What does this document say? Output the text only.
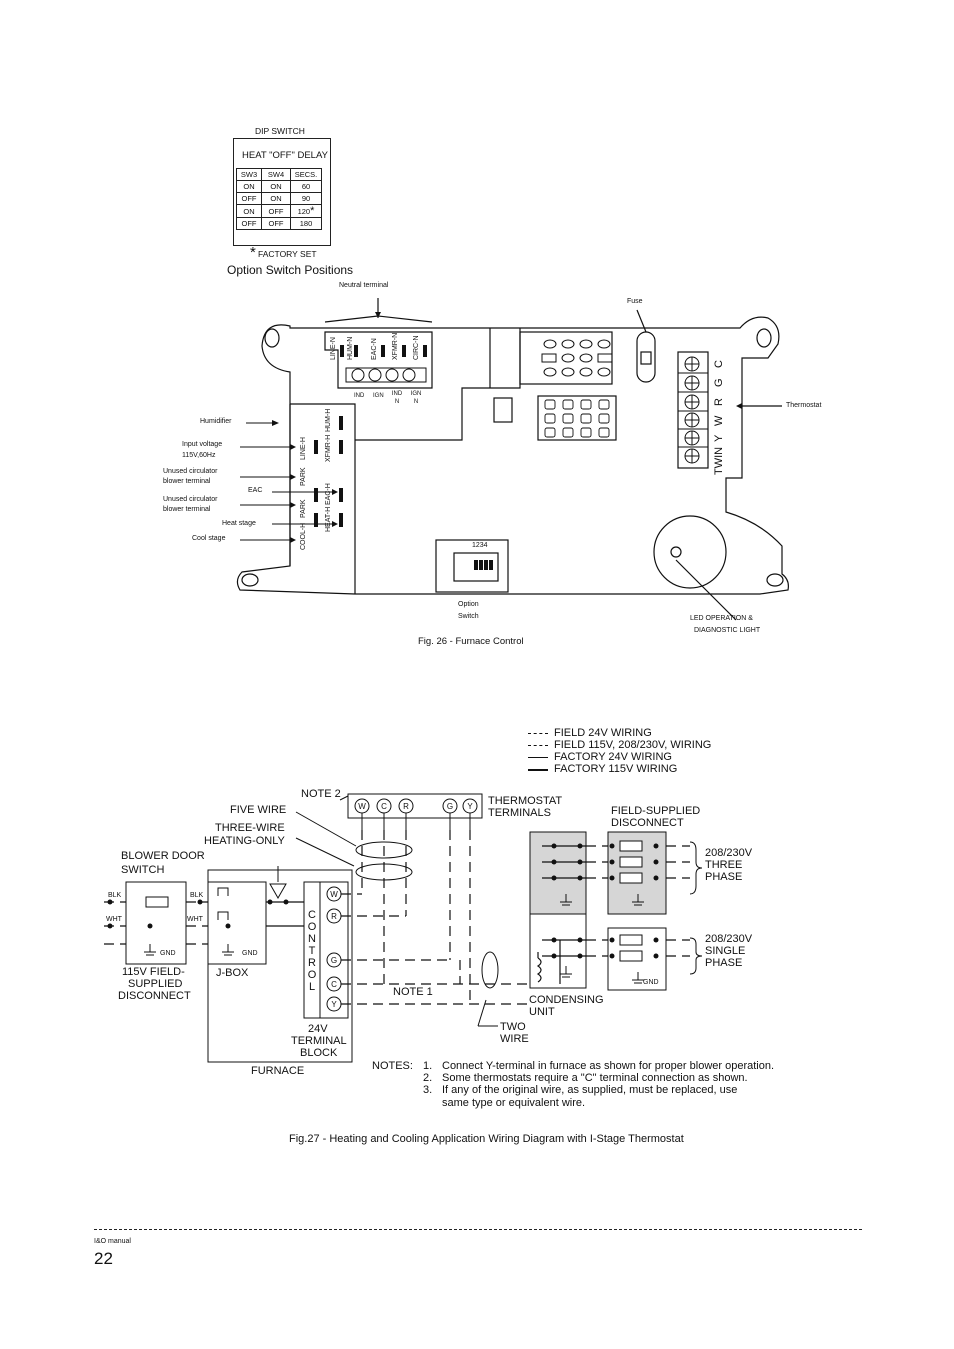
DIP SWITCH
HEAT "OFF" DELAY
SW3	SW4	SECS.
ON	ON	60
OFF	ON	90
ON	OFF	120*
OFF	OFF	180
* FACTORY SET
Option Switch Positions
LINE-N HUM-N EAC-N XFMR-N CIRC-N
HUM-H
LINE-H	XFMR-H
PARK
EAC-H
PARK	HEAT-H
COOL-H
C
G
R
W
Y
TWIN
Neutral terminal
Fuse
Thermostat
Humidifier
Input voltage
115V,60Hz
Unused circulator
blower terminal
EAC
Unused circulator
blower terminal
Heat stage
Cool stage
IND IGN	IND N
IGN N
1234
Option
Switch	LED OPERATION &
DIAGNOSTIC LIGHT
Fig. 26 - Furnace Control
FIELD 24V WIRING
FIELD 115V, 208/230V, WIRING
FACTORY 24V WIRING
FACTORY 115V WIRING
W C R	G Y
W
R
G
C
Y
C
O
N
T
R
O
L
NOTE 2
FIVE WIRE
THREE-WIRE
HEATING-ONLY
BLOWER DOOR
SWITCH
THERMOSTAT
TERMINALS	FIELD-SUPPLIED
DISCONNECT
208/230V
THREE
PHASE
208/230V
SINGLE
PHASE
BLK	BLK
WHT	WHT
GND	GND
GND
115V FIELD-
SUPPLIED
DISCONNECT
J-BOX
NOTE 1
CONDENSING
UNIT
TWO
WIRE
24V
TERMINAL
BLOCK
FURNACE	NOTES: 1. Connect Y-terminal in furnace as shown for proper blower operation.
2. Some thermostats require a "C" terminal connection as shown.
3. If any of the original wire, as supplied, must be replaced, use
same type or equivalent wire.
Fig.27 - Heating and Cooling Application Wiring Diagram with I-Stage Thermostat
I&O manual
22
